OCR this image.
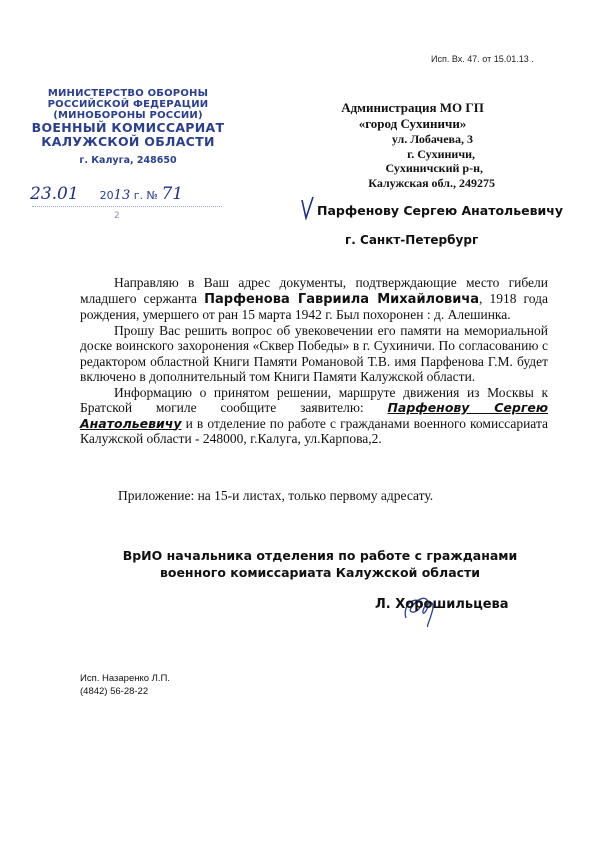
Исп. Вх. 47. от 15.01.13 .
МИНИСТЕРСТВО ОБОРОНЫ
РОССИЙСКОЙ ФЕДЕРАЦИИ
(МИНОБОРОНЫ РОССИИ)
ВОЕННЫЙ КОМИССАРИАТ
КАЛУЖСКОЙ ОБЛАСТИ
г. Калуга, 248650
23.01 2013 г. № 71
2
Администрация МО ГП
«город Сухиничи»
ул. Лобачева, 3
г. Сухиничи,
Сухиничский р-н,
Калужская обл., 249275
Парфенову Сергею Анатольевичу
г. Санкт-Петербург

Направляю в Ваш адрес документы, подтверждающие место гибели младшего сержанта Парфенова Гавриила Михайловича, 1918 года рождения, умершего от ран 15 марта 1942 г. Был похоронен : д. Алешинка.

Прошу Вас решить вопрос об увековечении его памяти на мемориальной доске воинского захоронения «Сквер Победы» в г. Сухиничи. По согласованию с редактором областной Книги Памяти Романовой Т.В. имя Парфенова Г.М. будет включено в дополнительный том Книги Памяти Калужской области.

Информацию о принятом решении, маршруте движения из Москвы к Братской могиле сообщите заявителю: Парфенову Сергею Анатольевичу и в отделение по работе с гражданами военного комиссариата Калужской области - 248000, г.Калуга, ул.Карпова,2.

Приложение: на 15-и листах, только первому адресату.
ВрИО начальника отделения по работе с гражданами
военного комиссариата Калужской области
Л. Хорошильцева
Исп. Назаренко Л.П.
(4842) 56-28-22
